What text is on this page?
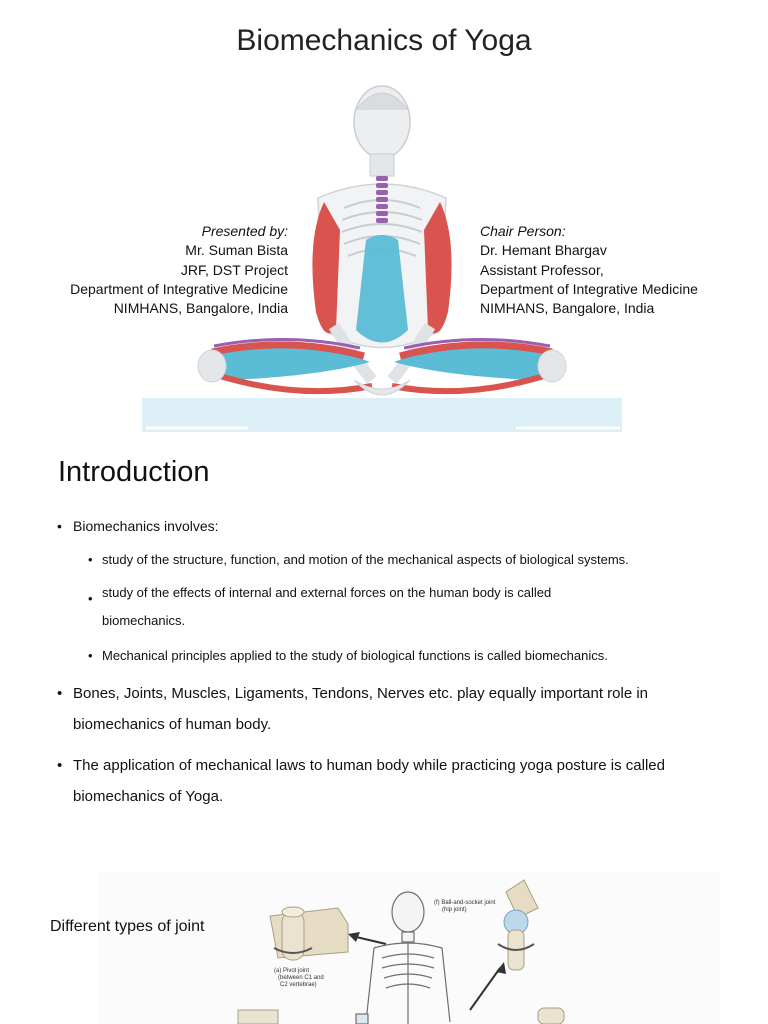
Biomechanics of Yoga
Presented by:
Mr. Suman Bista
JRF, DST Project
Department of Integrative Medicine
NIMHANS, Bangalore, India
Chair Person:
Dr. Hemant Bhargav
Assistant Professor,
Department of Integrative Medicine
NIMHANS, Bangalore, India
Introduction
• Biomechanics involves:
• study of the structure, function, and motion of the mechanical aspects of biological systems.
• study of the effects of internal and external forces on the human body is called
biomechanics.
• Mechanical principles applied to the study of biological functions is called biomechanics.
• Bones, Joints, Muscles, Ligaments, Tendons, Nerves etc. play equally important role in
biomechanics of human body.
• The application of mechanical laws to human body while practicing yoga posture is called
biomechanics of Yoga.
(a) Pivot joint
(between C1 and
C2 vertebrae)
(f) Ball-and-socket joint
(hip joint)
Different types of joint
